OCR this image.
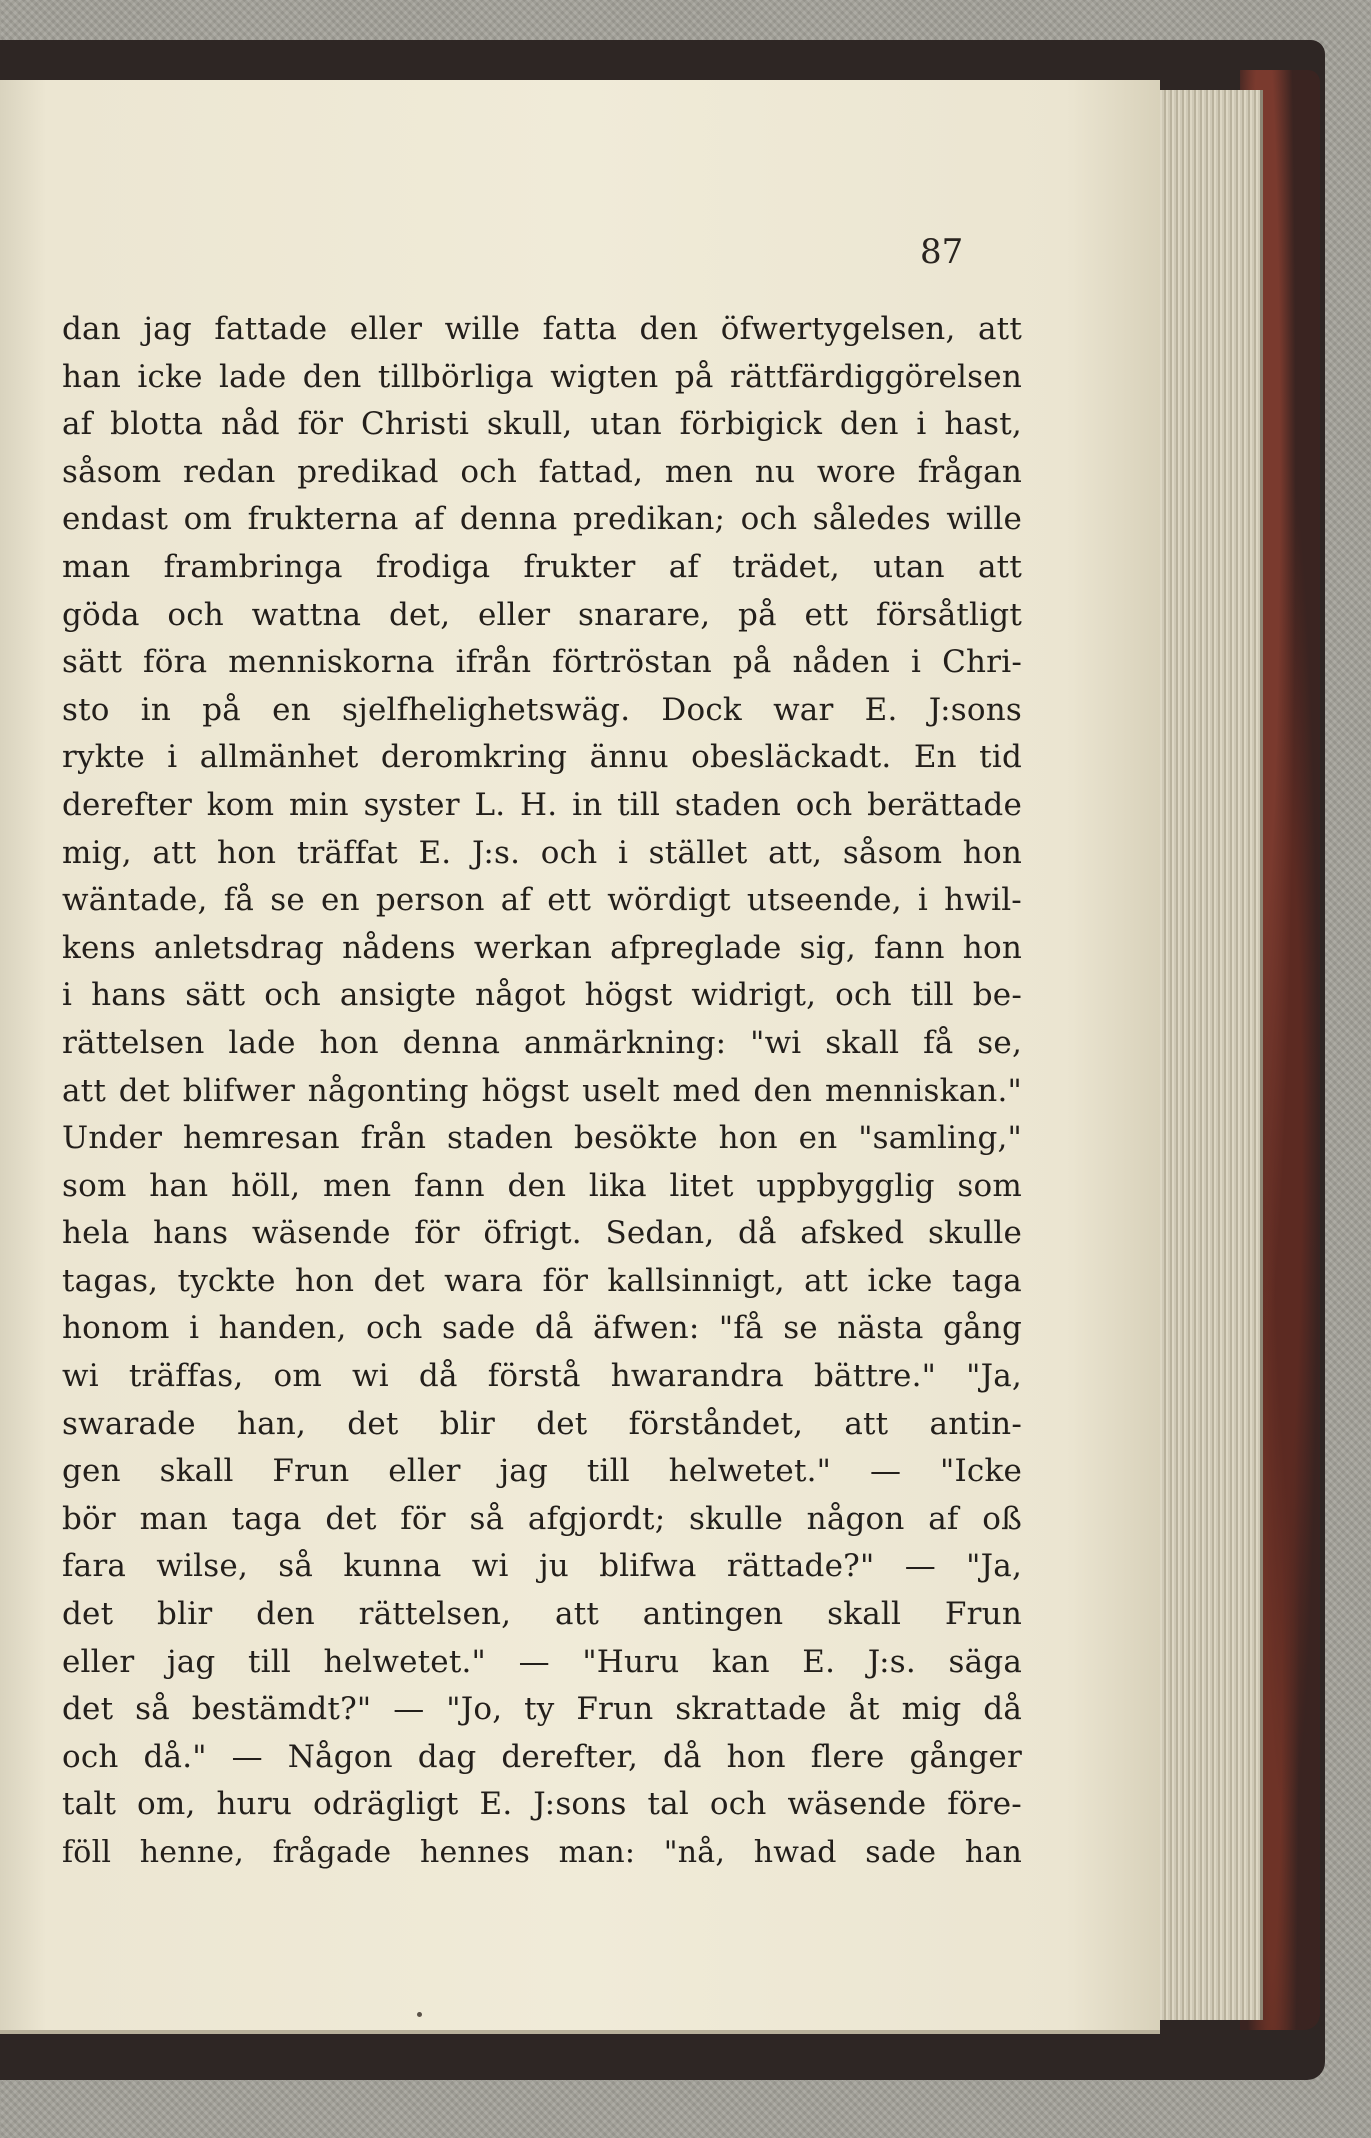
87

dan jag fattade eller wille fatta den öfwertygelsen, att
han icke lade den tillbörliga wigten på rättfärdiggörelsen
af blotta nåd för Christi skull, utan förbigick den i hast,
såsom redan predikad och fattad, men nu wore frågan
endast om frukterna af denna predikan; och således wille
man frambringa frodiga frukter af trädet, utan att
göda och wattna det, eller snarare, på ett försåtligt
sätt föra menniskorna ifrån förtröstan på nåden i Chri-
sto in på en sjelfhelighetswäg. Dock war E. J:sons
rykte i allmänhet deromkring ännu obesläckadt. En tid
derefter kom min syster L. H. in till staden och berättade
mig, att hon träffat E. J:s. och i stället att, såsom hon
wäntade, få se en person af ett wördigt utseende, i hwil-
kens anletsdrag nådens werkan afpreglade sig, fann hon
i hans sätt och ansigte något högst widrigt, och till be-
rättelsen lade hon denna anmärkning: "wi skall få se,
att det blifwer någonting högst uselt med den menniskan."
Under hemresan från staden besökte hon en "samling,"
som han höll, men fann den lika litet uppbygglig som
hela hans wäsende för öfrigt. Sedan, då afsked skulle
tagas, tyckte hon det wara för kallsinnigt, att icke taga
honom i handen, och sade då äfwen: "få se nästa gång
wi träffas, om wi då förstå hwarandra bättre." "Ja,
swarade han, det blir det förståndet, att antin-
gen skall Frun eller jag till helwetet." — "Icke
bör man taga det för så afgjordt; skulle någon af oß
fara wilse, så kunna wi ju blifwa rättade?" — "Ja,
det blir den rättelsen, att antingen skall Frun
eller jag till helwetet." — "Huru kan E. J:s. säga
det så bestämdt?" — "Jo, ty Frun skrattade åt mig då
och då." — Någon dag derefter, då hon flere gånger
talt om, huru odrägligt E. J:sons tal och wäsende före-
föll henne, frågade hennes man: "nå, hwad sade han
